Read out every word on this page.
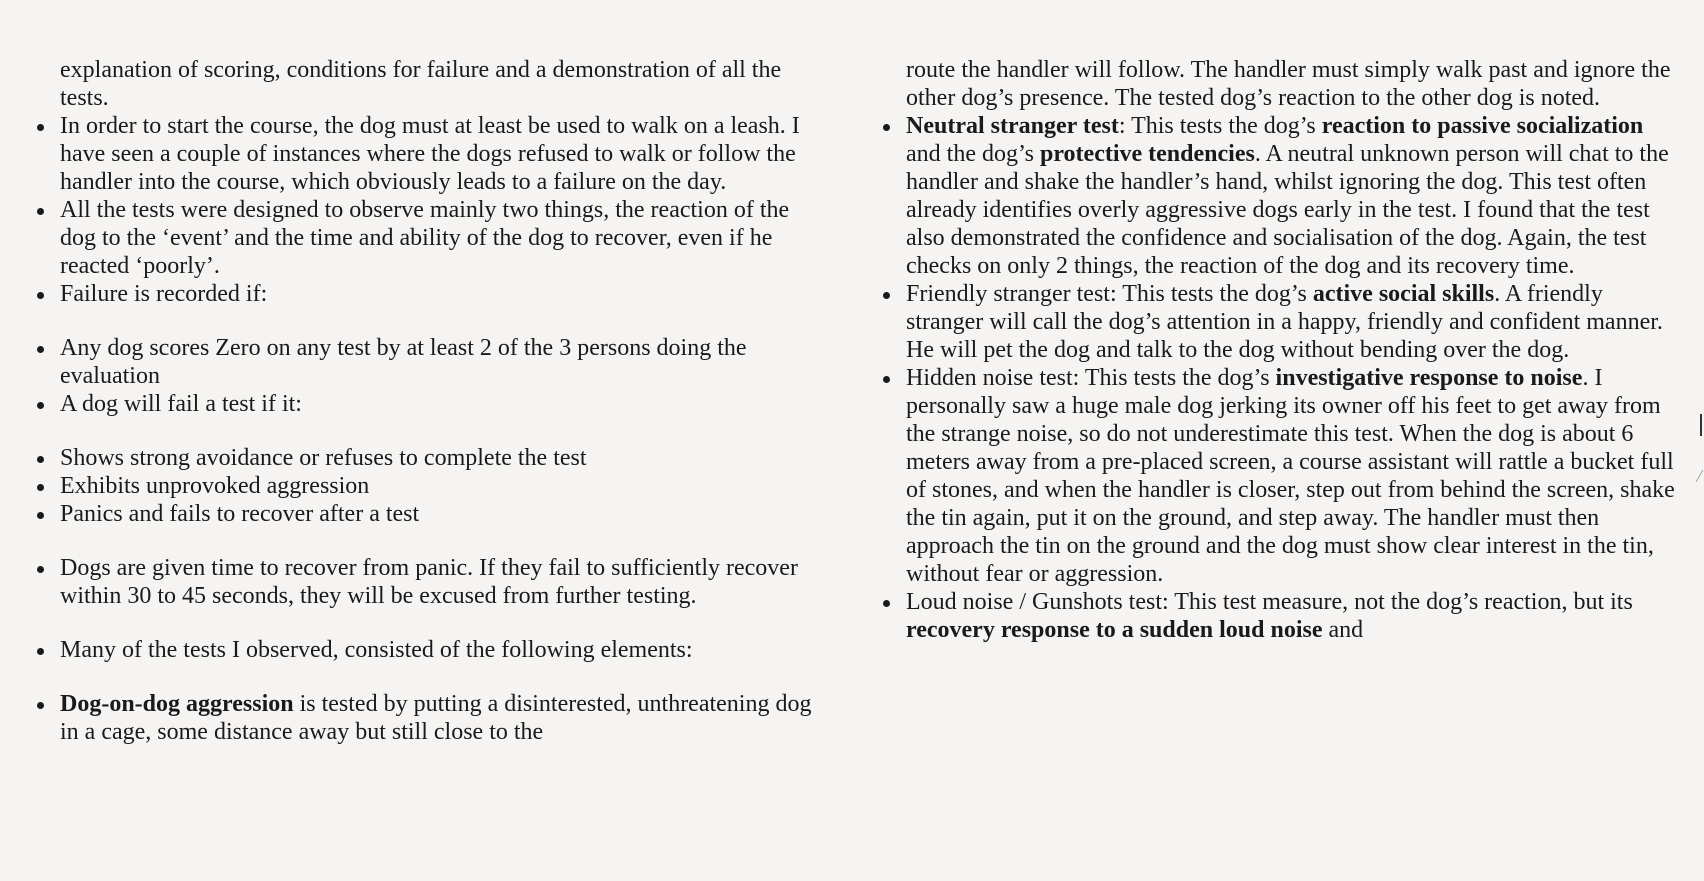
explanation of scoring, conditions for failure and a demonstration of all the tests.

In order to start the course, the dog must at least be used to walk on a leash. I have seen a couple of instances where the dogs refused to walk or follow the handler into the course, which obviously leads to a failure on the day.
All the tests were designed to observe mainly two things, the reaction of the dog to the ‘event’ and the time and ability of the dog to recover, even if he reacted ‘poorly’.
Failure is recorded if:
Any dog scores Zero on any test by at least 2 of the 3 persons doing the evaluation
A dog will fail a test if it:
Shows strong avoidance or refuses to complete the test
Exhibits unprovoked aggression
Panics and fails to recover after a test
Dogs are given time to recover from panic. If they fail to sufficiently recover within 30 to 45 seconds, they will be excused from further testing.
Many of the tests I observed, consisted of the following elements:
Dog-on-dog aggression is tested by putting a disinterested, unthreatening dog in a cage, some distance away but still close to the

route the handler will follow. The handler must simply walk past and ignore the other dog’s presence. The tested dog’s reaction to the other dog is noted.

Neutral stranger test: This tests the dog’s reaction to passive socialization and the dog’s protective tendencies. A neutral unknown person will chat to the handler and shake the handler’s hand, whilst ignoring the dog. This test often already identifies overly aggressive dogs early in the test. I found that the test also demonstrated the confidence and socialisation of the dog. Again, the test checks on only 2 things, the reaction of the dog and its recovery time.
Friendly stranger test: This tests the dog’s active social skills. A friendly stranger will call the dog’s attention in a happy, friendly and confident manner. He will pet the dog and talk to the dog without bending over the dog.
Hidden noise test: This tests the dog’s investigative response to noise. I personally saw a huge male dog jerking its owner off his feet to get away from the strange noise, so do not underestimate this test. When the dog is about 6 meters away from a pre-placed screen, a course assistant will rattle a bucket full of stones, and when the handler is closer, step out from behind the screen, shake the tin again, put it on the ground, and step away. The handler must then approach the tin on the ground and the dog must show clear interest in the tin, without fear or aggression.
Loud noise / Gunshots test: This test measure, not the dog’s reaction, but its recovery response to a sudden loud noise and
